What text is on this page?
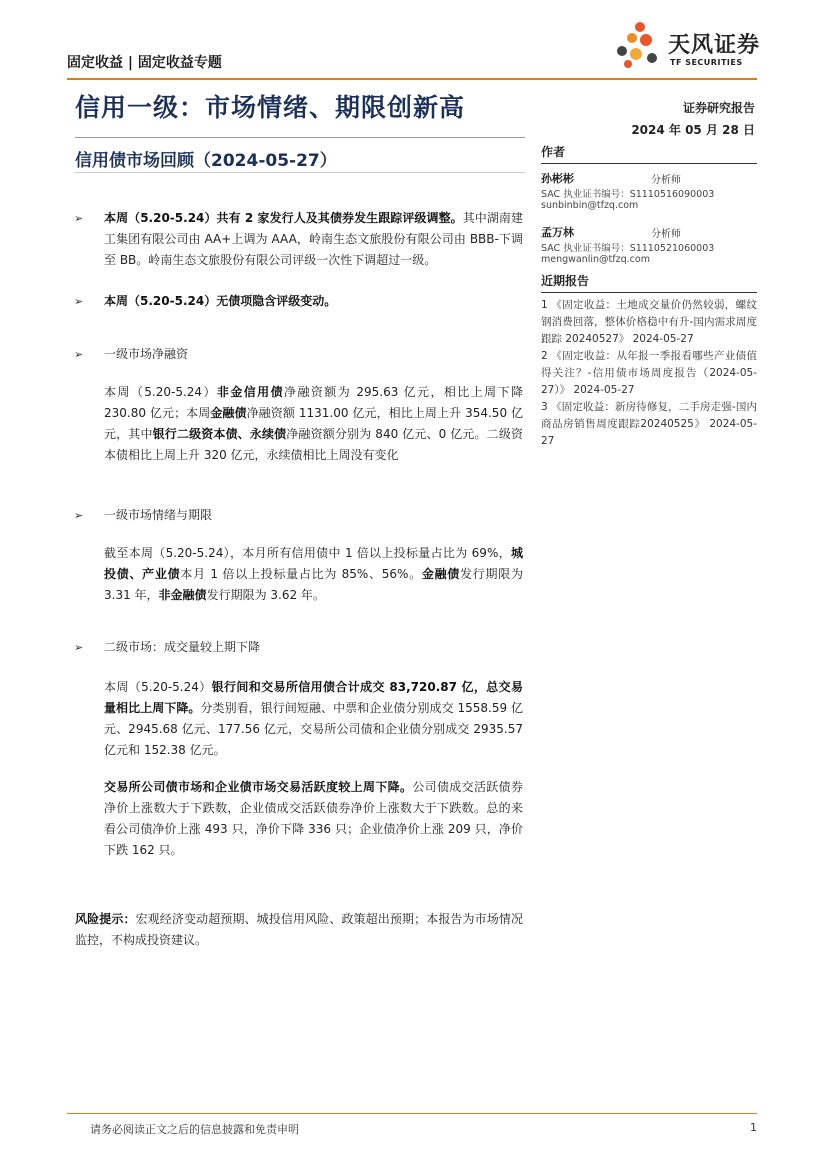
固定收益 | 固定收益专题
天风证券
TF SECURITIES
信用一级：市场情绪、期限创新高	证券研究报告
2024 年 05 月 28 日
信用债市场回顾（2024-05-27）	作者
孙彬彬	分析师
SAC 执业证书编号：S1110516090003
sunbinbin@tfzq.com
孟万林	分析师
SAC 执业证书编号：S1110521060003
mengwanlin@tfzq.com
近期报告
1 《固定收益：土地成交量价仍然较弱，螺纹钢消费回落，整体价格稳中有升-国内需求周度跟踪 20240527》 2024-05-27
2 《固定收益：从年报一季报看哪些产业债值得关注？-信用债市场周度报告（2024-05-27）》 2024-05-27
3 《固定收益：新房待修复，二手房走强-国内商品房销售周度跟踪20240525》 2024-05-27
➢	本周（5.20-5.24）共有 2 家发行人及其债券发生跟踪评级调整。其中湖南建工集团有限公司由 AA+上调为 AAA，岭南生态文旅股份有限公司由 BBB-下调至 BB。岭南生态文旅股份有限公司评级一次性下调超过一级。
➢	本周（5.20-5.24）无债项隐含评级变动。
➢	一级市场净融资
本周（5.20-5.24）非金信用债净融资额为 295.63 亿元，相比上周下降 230.80 亿元；本周金融债净融资额 1131.00 亿元，相比上周上升 354.50 亿元，其中银行二级资本债、永续债净融资额分别为 840 亿元、0 亿元。二级资本债相比上周上升 320 亿元，永续债相比上周没有变化
➢	一级市场情绪与期限
截至本周（5.20-5.24），本月所有信用债中 1 倍以上投标量占比为 69%，城投债、产业债本月 1 倍以上投标量占比为 85%、56%。金融债发行期限为 3.31 年，非金融债发行期限为 3.62 年。
➢	二级市场：成交量较上期下降
本周（5.20-5.24）银行间和交易所信用债合计成交 83,720.87 亿，总交易量相比上周下降。分类别看，银行间短融、中票和企业债分别成交 1558.59 亿元、2945.68 亿元、177.56 亿元，交易所公司债和企业债分别成交 2935.57 亿元和 152.38 亿元。
交易所公司债市场和企业债市场交易活跃度较上周下降。公司债成交活跃债券净价上涨数大于下跌数，企业债成交活跃债券净价上涨数大于下跌数。总的来看公司债净价上涨 493 只，净价下降 336 只；企业债净价上涨 209 只，净价下跌 162 只。
风险提示：宏观经济变动超预期、城投信用风险、政策超出预期；本报告为市场情况监控，不构成投资建议。
请务必阅读正文之后的信息披露和免责申明	1
